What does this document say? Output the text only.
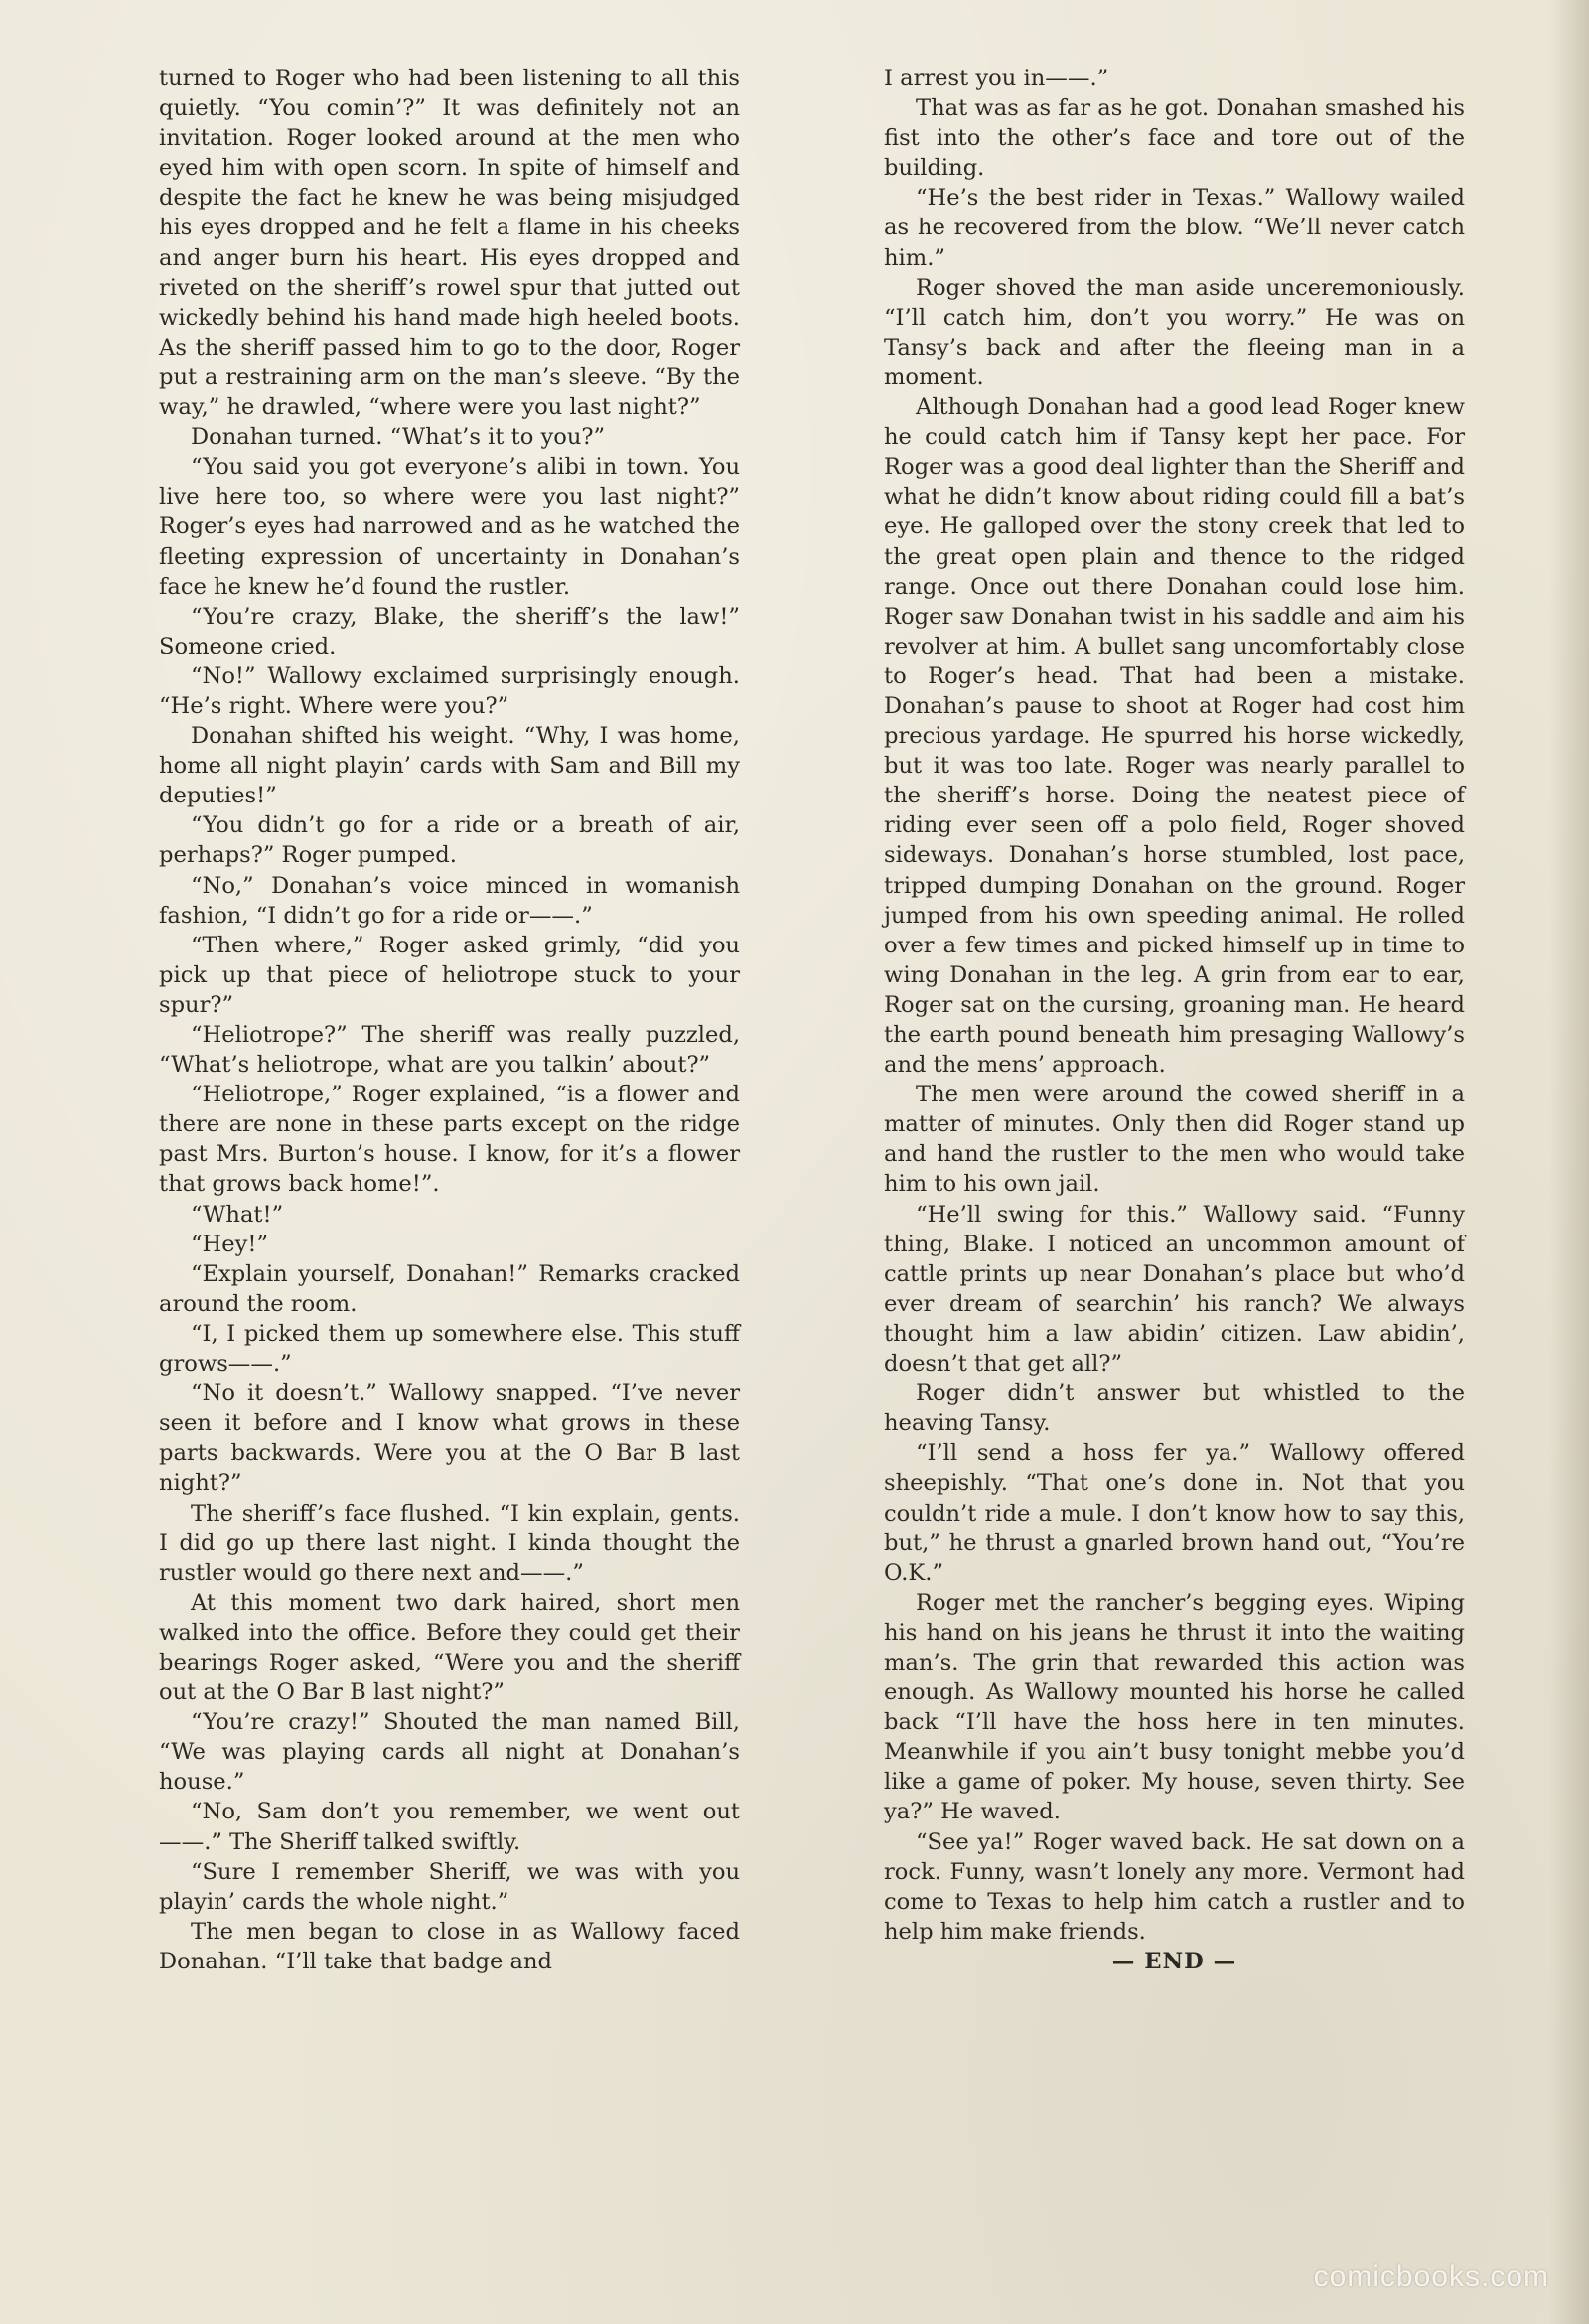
turned to Roger who had been listening to all this quietly. “You comin’?” It was definitely not an invitation. Roger looked around at the men who eyed him with open scorn. In spite of himself and despite the fact he knew he was being misjudged his eyes dropped and he felt a flame in his cheeks and anger burn his heart. His eyes dropped and riveted on the sheriff’s rowel spur that jutted out wickedly behind his hand made high heeled boots. As the sheriff passed him to go to the door, Roger put a restraining arm on the man’s sleeve. “By the way,” he drawled, “where were you last night?”

Donahan turned. “What’s it to you?”

“You said you got everyone’s alibi in town. You live here too, so where were you last night?” Roger’s eyes had narrowed and as he watched the fleeting expression of uncertainty in Donahan’s face he knew he’d found the rustler.

“You’re crazy, Blake, the sheriff’s the law!” Someone cried.

“No!” Wallowy exclaimed surprisingly enough. “He’s right. Where were you?”

Donahan shifted his weight. “Why, I was home, home all night playin’ cards with Sam and Bill my deputies!”

“You didn’t go for a ride or a breath of air, perhaps?” Roger pumped.

“No,” Donahan’s voice minced in womanish fashion, “I didn’t go for a ride or——.”

“Then where,” Roger asked grimly, “did you pick up that piece of heliotrope stuck to your spur?”

“Heliotrope?” The sheriff was really puzzled, “What’s heliotrope, what are you talkin’ about?”

“Heliotrope,” Roger explained, “is a flower and there are none in these parts except on the ridge past Mrs. Burton’s house. I know, for it’s a flower that grows back home!”.

“What!”

“Hey!”

“Explain yourself, Donahan!” Remarks cracked around the room.

“I, I picked them up somewhere else. This stuff grows——.”

“No it doesn’t.” Wallowy snapped. “I’ve never seen it before and I know what grows in these parts backwards. Were you at the O Bar B last night?”

The sheriff’s face flushed. “I kin explain, gents. I did go up there last night. I kinda thought the rustler would go there next and——.”

At this moment two dark haired, short men walked into the office. Before they could get their bearings Roger asked, “Were you and the sheriff out at the O Bar B last night?”

“You’re crazy!” Shouted the man named Bill, “We was playing cards all night at Donahan’s house.”

“No, Sam don’t you remember, we went out——.” The Sheriff talked swiftly.

“Sure I remember Sheriff, we was with you playin’ cards the whole night.”

The men began to close in as Wallowy faced Donahan. “I’ll take that badge and

I arrest you in——.”

That was as far as he got. Donahan smashed his fist into the other’s face and tore out of the building.

“He’s the best rider in Texas.” Wallowy wailed as he recovered from the blow. “We’ll never catch him.”

Roger shoved the man aside unceremoniously. “I’ll catch him, don’t you worry.” He was on Tansy’s back and after the fleeing man in a moment.

Although Donahan had a good lead Roger knew he could catch him if Tansy kept her pace. For Roger was a good deal lighter than the Sheriff and what he didn’t know about riding could fill a bat’s eye. He galloped over the stony creek that led to the great open plain and thence to the ridged range. Once out there Donahan could lose him. Roger saw Donahan twist in his saddle and aim his revolver at him. A bullet sang uncomfortably close to Roger’s head. That had been a mistake. Donahan’s pause to shoot at Roger had cost him precious yardage. He spurred his horse wickedly, but it was too late. Roger was nearly parallel to the sheriff’s horse. Doing the neatest piece of riding ever seen off a polo field, Roger shoved sideways. Donahan’s horse stumbled, lost pace, tripped dumping Donahan on the ground. Roger jumped from his own speeding animal. He rolled over a few times and picked himself up in time to wing Donahan in the leg. A grin from ear to ear, Roger sat on the cursing, groaning man. He heard the earth pound beneath him presaging Wallowy’s and the mens’ approach.

The men were around the cowed sheriff in a matter of minutes. Only then did Roger stand up and hand the rustler to the men who would take him to his own jail.

“He’ll swing for this.” Wallowy said. “Funny thing, Blake. I noticed an uncommon amount of cattle prints up near Donahan’s place but who’d ever dream of searchin’ his ranch? We always thought him a law abidin’ citizen. Law abidin’, doesn’t that get all?”

Roger didn’t answer but whistled to the heaving Tansy.

“I’ll send a hoss fer ya.” Wallowy offered sheepishly. “That one’s done in. Not that you couldn’t ride a mule. I don’t know how to say this, but,” he thrust a gnarled brown hand out, “You’re O.K.”

Roger met the rancher’s begging eyes. Wiping his hand on his jeans he thrust it into the waiting man’s. The grin that rewarded this action was enough. As Wallowy mounted his horse he called back “I’ll have the hoss here in ten minutes. Meanwhile if you ain’t busy tonight mebbe you’d like a game of poker. My house, seven thirty. See ya?” He waved.

“See ya!” Roger waved back. He sat down on a rock. Funny, wasn’t lonely any more. Vermont had come to Texas to help him catch a rustler and to help him make friends.

— END —

comicbooks.com
